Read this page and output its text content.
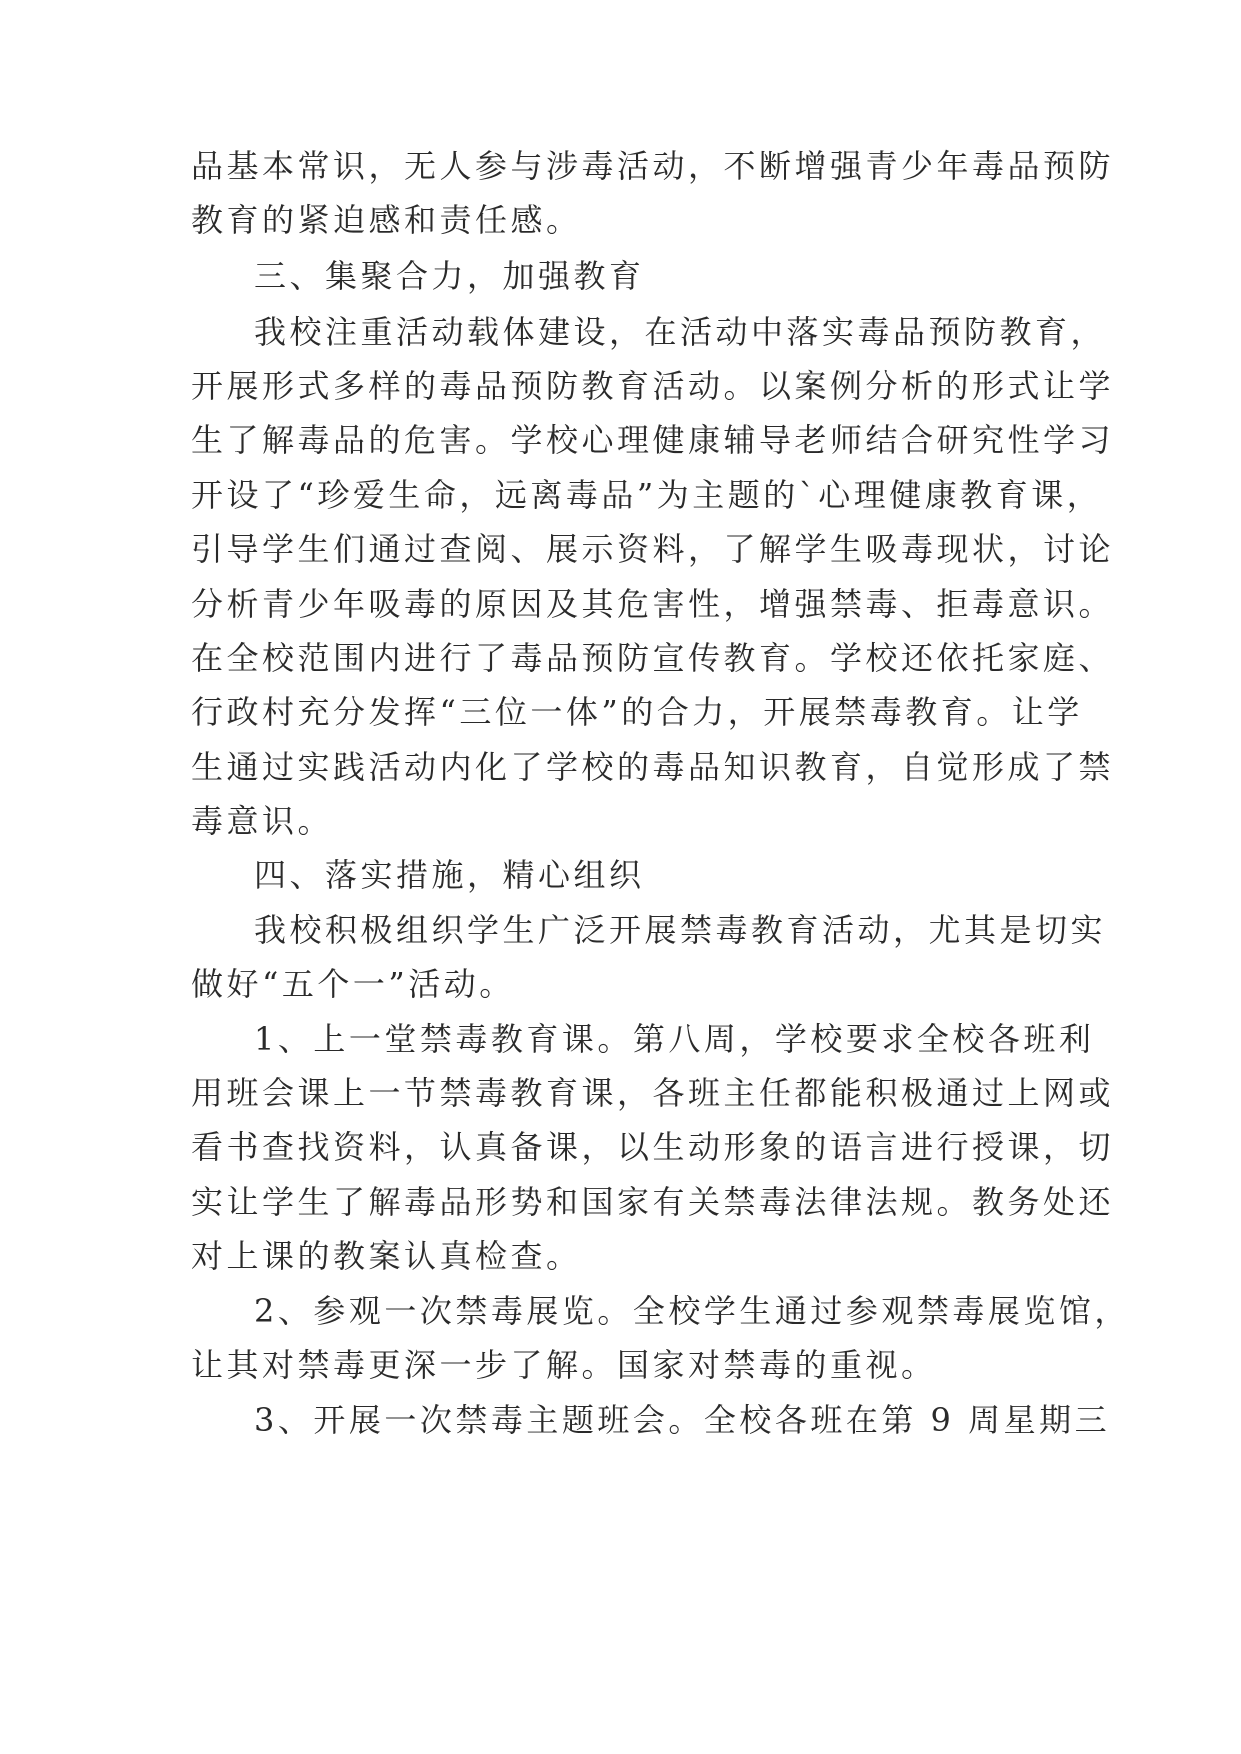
品基本常识，无人参与涉毒活动，不断增强青少年毒品预防

教育的紧迫感和责任感。

三、集聚合力，加强教育

我校注重活动载体建设，在活动中落实毒品预防教育，

开展形式多样的毒品预防教育活动。以案例分析的形式让学

生了解毒品的危害。学校心理健康辅导老师结合研究性学习

开设了“珍爱生命，远离毒品”为主题的`心理健康教育课，

引导学生们通过查阅、展示资料，了解学生吸毒现状，讨论

分析青少年吸毒的原因及其危害性，增强禁毒、拒毒意识。

在全校范围内进行了毒品预防宣传教育。学校还依托家庭、

行政村充分发挥“三位一体”的合力，开展禁毒教育。让学

生通过实践活动内化了学校的毒品知识教育，自觉形成了禁

毒意识。

四、落实措施，精心组织

我校积极组织学生广泛开展禁毒教育活动，尤其是切实

做好“五个一”活动。

1、上一堂禁毒教育课。第八周，学校要求全校各班利

用班会课上一节禁毒教育课，各班主任都能积极通过上网或

看书查找资料，认真备课，以生动形象的语言进行授课，切

实让学生了解毒品形势和国家有关禁毒法律法规。教务处还

对上课的教案认真检查。

2、参观一次禁毒展览。全校学生通过参观禁毒展览馆，

让其对禁毒更深一步了解。国家对禁毒的重视。

3、开展一次禁毒主题班会。全校各班在第 9 周星期三
